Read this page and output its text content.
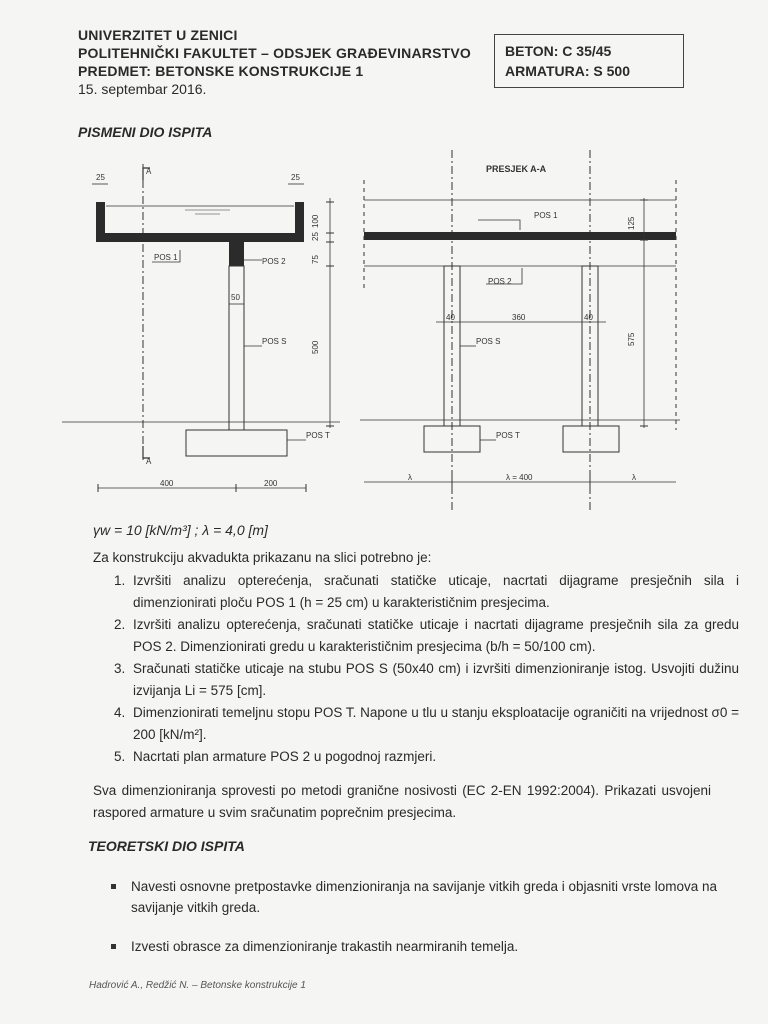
UNIVERZITET U ZENICI
POLITEHNIČKI FAKULTET – ODSJEK GRAĐEVINARSTVO
PREDMET: BETONSKE KONSTRUKCIJE 1
15. septembar 2016.
BETON: C 35/45
ARMATURA: S 500
PISMENI DIO ISPITA
A
A
25	25
POS 1	POS 2
POS S
POS T
50
100
25
75
500
400	200
PRESJEK A-A
POS 1
POS 2
POS S
POS T
125
575
40	360	40
λ	λ = 400	λ
γw = 10 [kN/m³] ; λ = 4,0 [m]
Za konstrukciju akvadukta prikazanu na slici potrebno je:
1. Izvršiti analizu opterećenja, sračunati statičke uticaje, nacrtati dijagrame presječnih sila i dimenzionirati ploču POS 1 (h = 25 cm) u karakterističnim presjecima.
2. Izvršiti analizu opterećenja, sračunati statičke uticaje i nacrtati dijagrame presječnih sila za gredu POS 2. Dimenzionirati gredu u karakterističnim presjecima (b/h = 50/100 cm).
3. Sračunati statičke uticaje na stubu POS S (50x40 cm) i izvršiti dimenzioniranje istog. Usvojiti dužinu izvijanja Li = 575 [cm].
4. Dimenzionirati temeljnu stopu POS T. Napone u tlu u stanju eksploatacije ograničiti na vrijednost σ0 = 200 [kN/m²].
5. Nacrtati plan armature POS 2 u pogodnoj razmjeri.
Sva dimenzioniranja sprovesti po metodi granične nosivosti (EC 2-EN 1992:2004). Prikazati usvojeni raspored armature u svim sračunatim poprečnim presjecima.
TEORETSKI DIO ISPITA
Navesti osnovne pretpostavke dimenzioniranja na savijanje vitkih greda i objasniti vrste lomova na savijanje vitkih greda.
Izvesti obrasce za dimenzioniranje trakastih nearmiranih temelja.
Hadrović A., Redžić N. – Betonske konstrukcije 1
